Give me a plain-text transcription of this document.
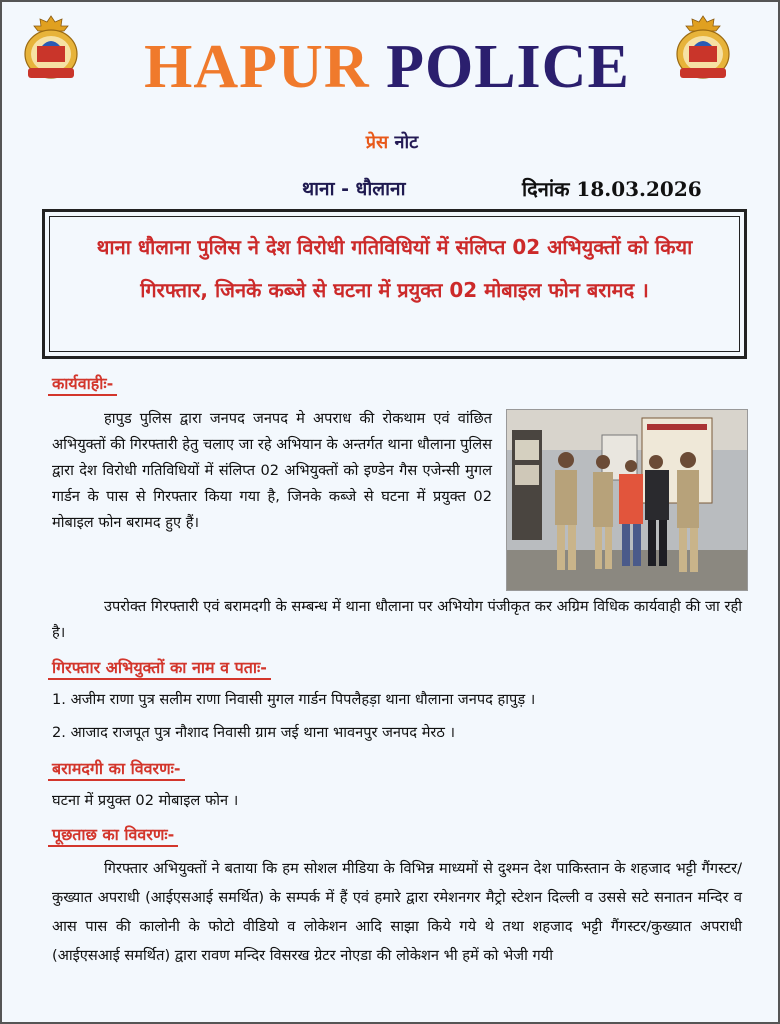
HAPUR POLICE
प्रेस नोट
थाना - धौलाना	दिनांक 18.03.2026
थाना धौलाना पुलिस ने देश विरोधी गतिविधियों में संलिप्त 02 अभियुक्तों को किया गिरफ्तार, जिनके कब्जे से घटना में प्रयुक्त 02 मोबाइल फोन बरामद ।
कार्यवाहीः-
हापुड पुलिस द्वारा जनपद जनपद मे अपराध की रोकथाम एवं वांछित अभियुक्तों की गिरफ्तारी हेतु चलाए जा रहे अभियान के अन्तर्गत थाना धौलाना पुलिस द्वारा देश विरोधी गतिविधियों में संलिप्त 02 अभियुक्तों को इण्डेन गैस एजेन्सी मुगल गार्डन के पास से गिरफ्तार किया गया है, जिनके कब्जे से घटना में प्रयुक्त 02 मोबाइल फोन बरामद हुए हैं।
उपरोक्त गिरफ्तारी एवं बरामदगी के सम्बन्ध में थाना धौलाना पर अभियोग पंजीकृत कर अग्रिम विधिक कार्यवाही की जा रही है।
गिरफ्तार अभियुक्तों का नाम व पताः-
1. अजीम राणा पुत्र सलीम राणा निवासी मुगल गार्डन पिपलैहड़ा थाना धौलाना जनपद हापुड़ ।
2. आजाद राजपूत पुत्र नौशाद निवासी ग्राम जई थाना भावनपुर जनपद मेरठ ।
बरामदगी का विवरणः-
घटना में प्रयुक्त 02 मोबाइल फोन ।
पूछताछ का विवरणः-
गिरफ्तार अभियुक्तों ने बताया कि हम सोशल मीडिया के विभिन्न माध्यमों से दुश्मन देश पाकिस्तान के शहजाद भट्टी गैंगस्टर/कुख्यात अपराधी (आईएसआई समर्थित) के सम्पर्क में हैं एवं हमारे द्वारा रमेशनगर मैट्रो स्टेशन दिल्ली व उससे सटे सनातन मन्दिर व आस पास की कालोनी के फोटो वीडियो व लोकेशन आदि साझा किये गये थे तथा शहजाद भट्टी गैंगस्टर/कुख्यात अपराधी (आईएसआई समर्थित) द्वारा रावण मन्दिर विसरख ग्रेटर नोएडा की लोकेशन भी हमें को भेजी गयी
